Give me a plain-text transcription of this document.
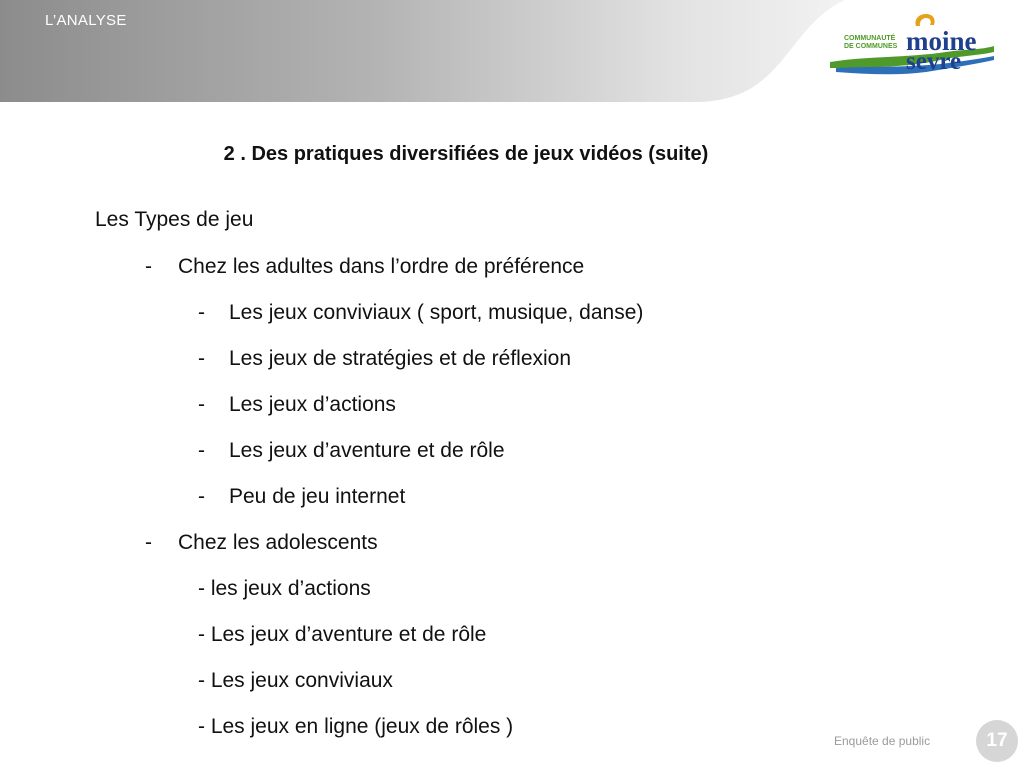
L’ANALYSE
COMMUNAUTÉ
DE COMMUNES moine
sevre
2 . Des pratiques diversifiées de jeux vidéos (suite)
Les Types de jeu
- Chez les adultes dans l’ordre de préférence
- Les jeux conviviaux ( sport, musique, danse)
- Les jeux de stratégies et de réflexion
- Les jeux d’actions
- Les jeux d’aventure et de rôle
- Peu de jeu internet
- Chez les adolescents
- les jeux d’actions
- Les jeux d’aventure et de rôle
- Les jeux conviviaux
- Les jeux en ligne (jeux de rôles )
Enquête de public	17
